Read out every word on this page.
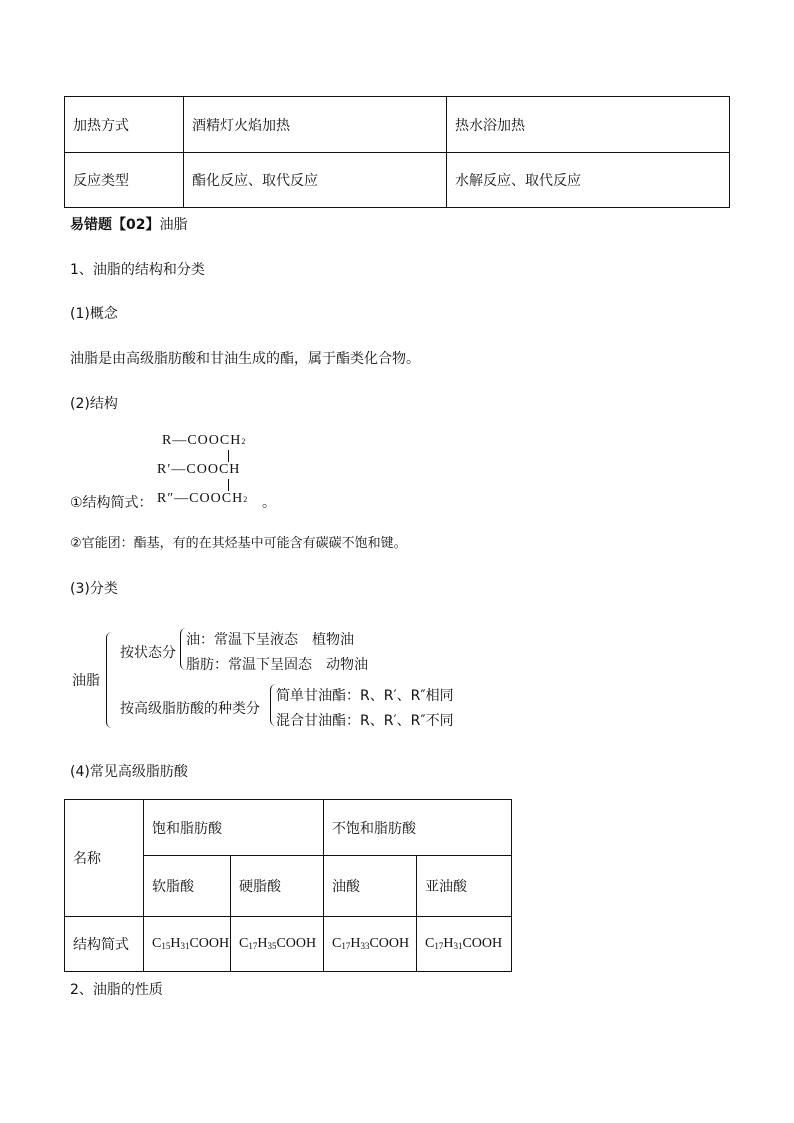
加热方式	酒精灯火焰加热	热水浴加热
反应类型	酯化反应、取代反应	水解反应、取代反应
易错题【02】油脂
1、油脂的结构和分类
(1)概念
油脂是由高级脂肪酸和甘油生成的酯，属于酯类化合物。
(2)结构
R—COOCH2
R′—COOCH
R″—COOCH2
①结构简式：	。
②官能团：酯基，有的在其烃基中可能含有碳碳不饱和键。
(3)分类
油脂
按状态分
油：常温下呈液态　植物油
脂肪：常温下呈固态　动物油
按高级脂肪酸的种类分
简单甘油酯：R、R′、R″相同
混合甘油酯：R、R′、R″不同
(4)常见高级脂肪酸
名称	饱和脂肪酸		不饱和脂肪酸	
	软脂酸	硬脂酸	油酸	亚油酸
结构简式	$C_{15}H_{31}COOH$	$C_{17}H_{35}COOH$	$C_{17}H_{33}COOH$	$C_{17}H_{31}COOH$
2、油脂的性质
